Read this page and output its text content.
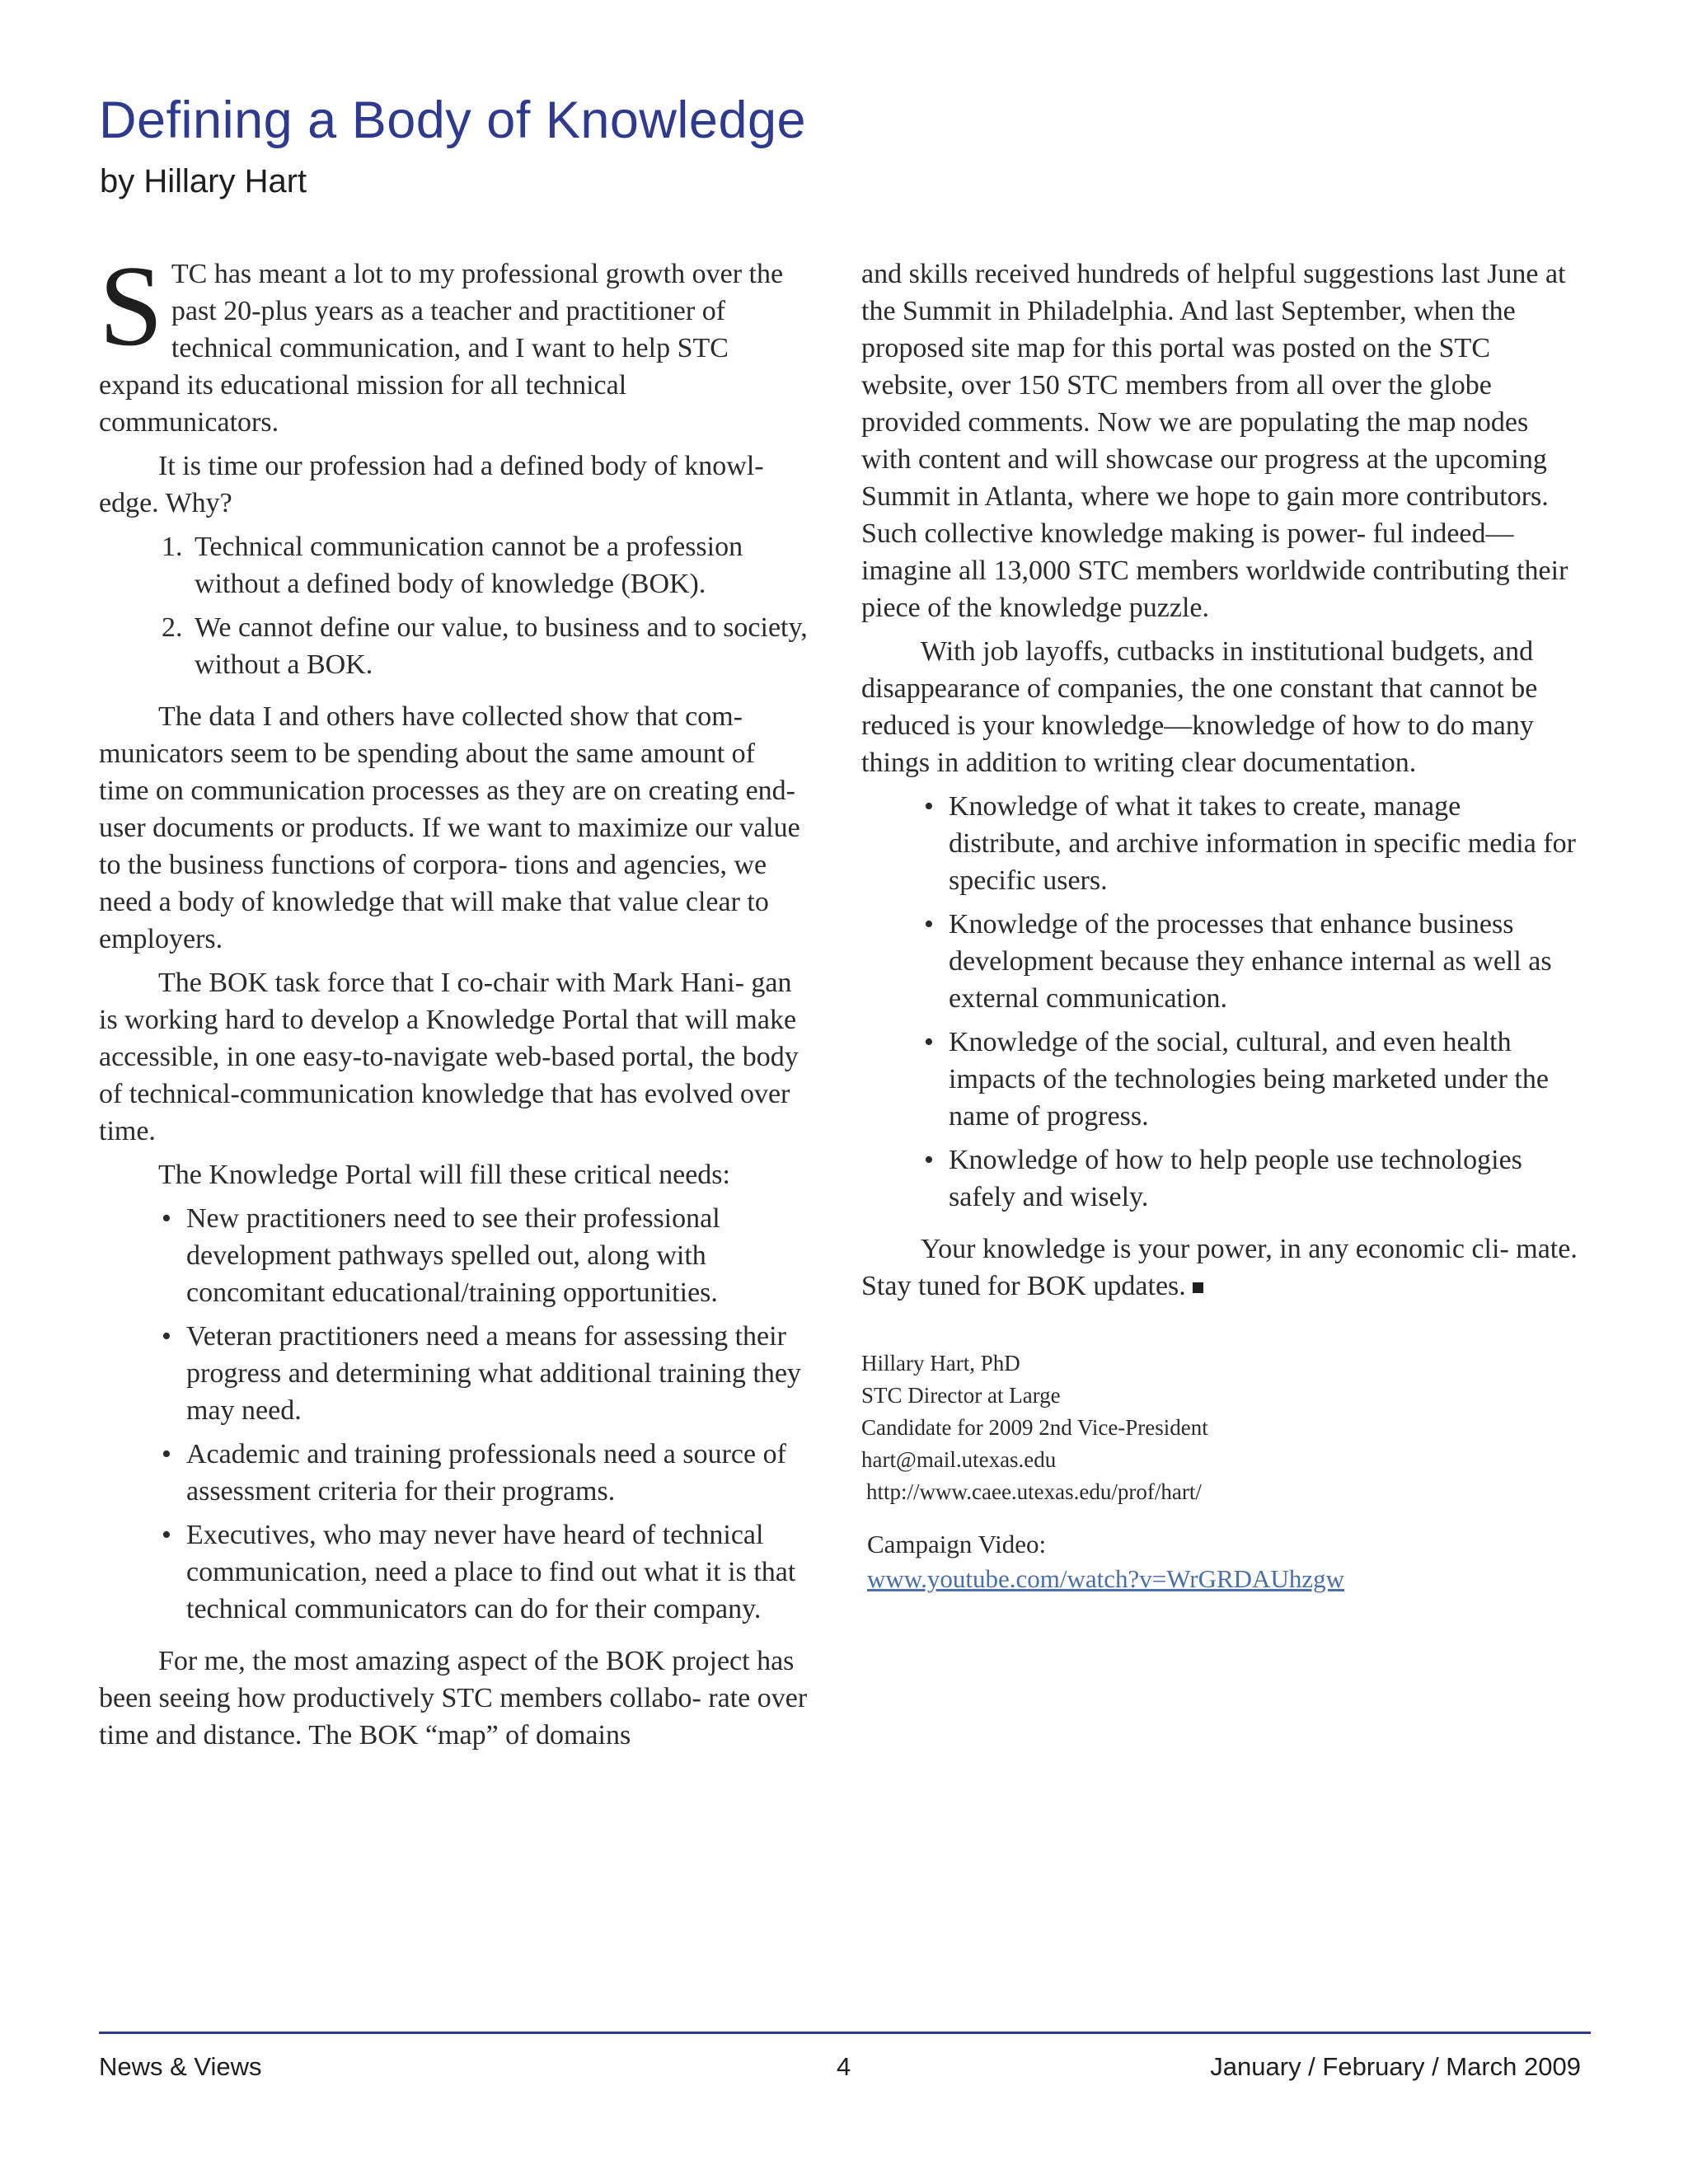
Defining a Body of Knowledge
by Hillary Hart

STC has meant a lot to my professional growth over the past 20-plus years as a teacher and practitioner of technical communication, and I want to help STC expand its educational mission for all technical communicators.

It is time our profession had a defined body of knowl- edge. Why?

1. Technical communication cannot be a profession without a defined body of knowledge (BOK).
2. We cannot define our value, to business and to society, without a BOK.

The data I and others have collected show that com- municators seem to be spending about the same amount of time on communication processes as they are on creating end-user documents or products. If we want to maximize our value to the business functions of corpora- tions and agencies, we need a body of knowledge that will make that value clear to employers.

The BOK task force that I co-chair with Mark Hani- gan is working hard to develop a Knowledge Portal that will make accessible, in one easy-to-navigate web-based portal, the body of technical-communication knowledge that has evolved over time.

The Knowledge Portal will fill these critical needs:

• New practitioners need to see their professional development pathways spelled out, along with concomitant educational/training opportunities.
• Veteran practitioners need a means for assessing their progress and determining what additional training they may need.
• Academic and training professionals need a source of assessment criteria for their programs.
• Executives, who may never have heard of technical communication, need a place to find out what it is that technical communicators can do for their company.

For me, the most amazing aspect of the BOK project has been seeing how productively STC members collabo- rate over time and distance. The BOK “map” of domains

and skills received hundreds of helpful suggestions last June at the Summit in Philadelphia. And last September, when the proposed site map for this portal was posted on the STC website, over 150 STC members from all over the globe provided comments. Now we are populating the map nodes with content and will showcase our progress at the upcoming Summit in Atlanta, where we hope to gain more contributors. Such collective knowledge making is power- ful indeed—imagine all 13,000 STC members worldwide contributing their piece of the knowledge puzzle.

With job layoffs, cutbacks in institutional budgets, and disappearance of companies, the one constant that cannot be reduced is your knowledge—knowledge of how to do many things in addition to writing clear documentation.

• Knowledge of what it takes to create, manage distribute, and archive information in specific media for specific users.
• Knowledge of the processes that enhance business development because they enhance internal as well as external communication.
• Knowledge of the social, cultural, and even health impacts of the technologies being marketed under the name of progress.
• Knowledge of how to help people use technologies safely and wisely.

Your knowledge is your power, in any economic cli- mate. Stay tuned for BOK updates.

Hillary Hart, PhD
STC Director at Large
Candidate for 2009 2nd Vice-President
hart@mail.utexas.edu
http://www.caee.utexas.edu/prof/hart/
Campaign Video:
www.youtube.com/watch?v=WrGRDAUhzgw
News & Views	4	January / February / March 2009
